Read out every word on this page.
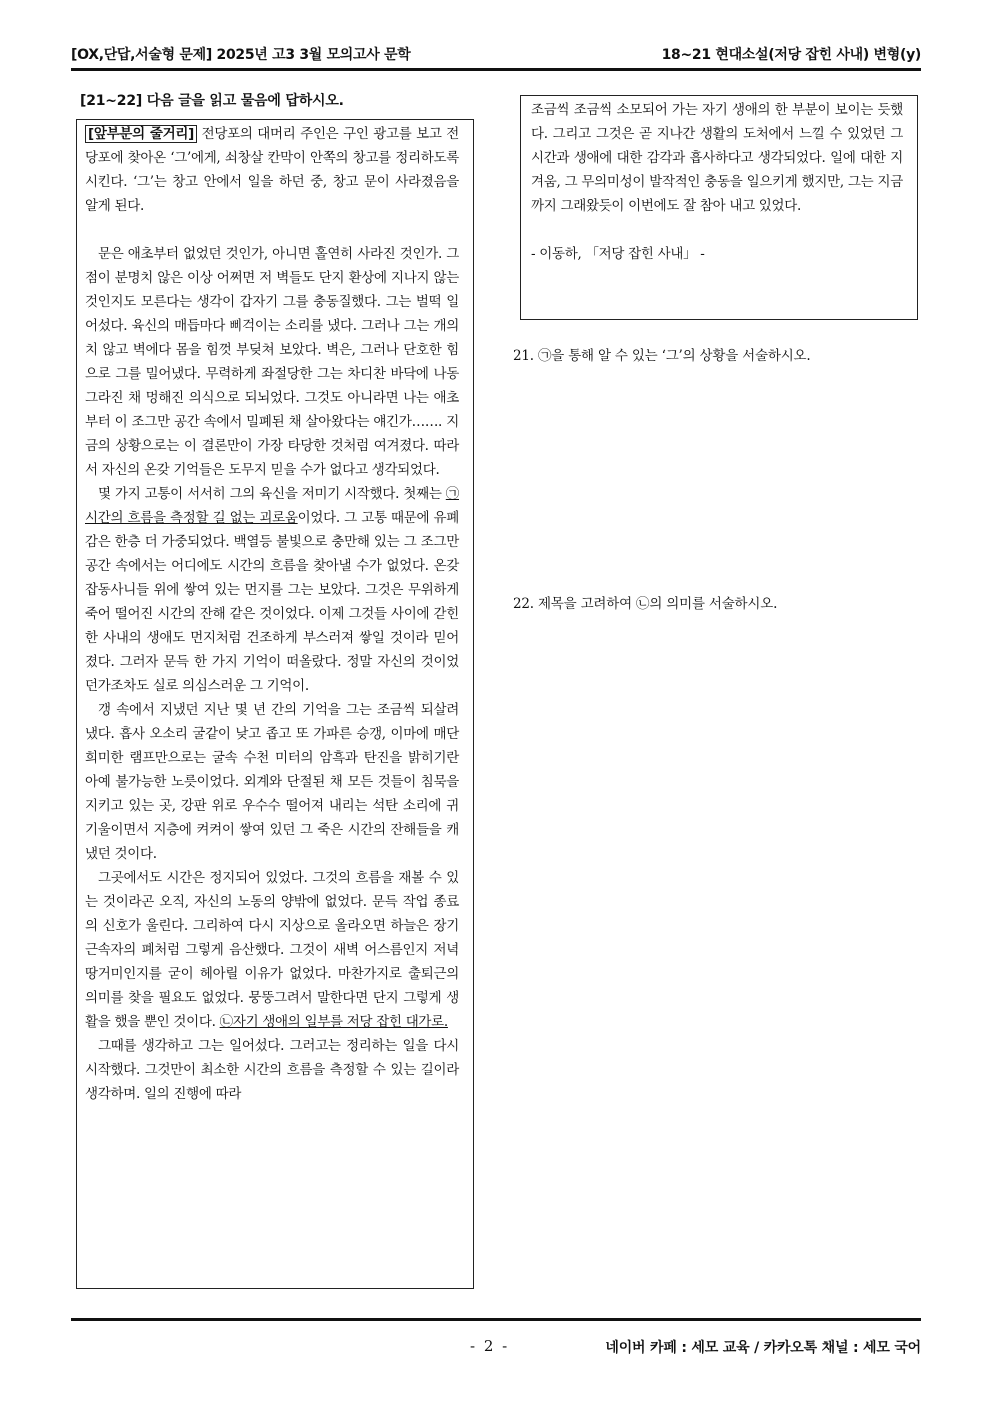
[OX,단답,서술형 문제] 2025년 고3 3월 모의고사 문학	18~21 현대소설(저당 잡힌 사내) 변형(y)
[21~22] 다음 글을 읽고 물음에 답하시오.

[앞부분의 줄거리] 전당포의 대머리 주인은 구인 광고를 보고 전당포에 찾아온 ‘그’에게, 쇠창살 칸막이 안쪽의 창고를 정리하도록 시킨다. ‘그’는 창고 안에서 일을 하던 중, 창고 문이 사라졌음을 알게 된다.

문은 애초부터 없었던 것인가, 아니면 홀연히 사라진 것인가. 그 점이 분명치 않은 이상 어쩌면 저 벽들도 단지 환상에 지나지 않는 것인지도 모른다는 생각이 갑자기 그를 충동질했다. 그는 벌떡 일어섰다. 육신의 매듭마다 삐걱이는 소리를 냈다. 그러나 그는 개의치 않고 벽에다 몸을 힘껏 부딪쳐 보았다. 벽은, 그러나 단호한 힘으로 그를 밀어냈다. 무력하게 좌절당한 그는 차디찬 바닥에 나동그라진 채 멍해진 의식으로 되뇌었다. 그것도 아니라면 나는 애초부터 이 조그만 공간 속에서 밀폐된 채 살아왔다는 얘긴가……. 지금의 상황으로는 이 결론만이 가장 타당한 것처럼 여겨졌다. 따라서 자신의 온갖 기억들은 도무지 믿을 수가 없다고 생각되었다.

몇 가지 고통이 서서히 그의 육신을 저미기 시작했다. 첫째는 ㉠시간의 흐름을 측정할 길 없는 괴로움이었다. 그 고통 때문에 유폐감은 한층 더 가중되었다. 백열등 불빛으로 충만해 있는 그 조그만 공간 속에서는 어디에도 시간의 흐름을 찾아낼 수가 없었다. 온갖 잡동사니들 위에 쌓여 있는 먼지를 그는 보았다. 그것은 무위하게 죽어 떨어진 시간의 잔해 같은 것이었다. 이제 그것들 사이에 갇힌 한 사내의 생애도 먼지처럼 건조하게 부스러져 쌓일 것이라 믿어졌다. 그러자 문득 한 가지 기억이 떠올랐다. 정말 자신의 것이었던가조차도 실로 의심스러운 그 기억이.

갱 속에서 지냈던 지난 몇 년 간의 기억을 그는 조금씩 되살려 냈다. 흡사 오소리 굴같이 낮고 좁고 또 가파른 승갱, 이마에 매단 희미한 램프만으로는 굴속 수천 미터의 암흑과 탄진을 밝히기란 아예 불가능한 노릇이었다. 외계와 단절된 채 모든 것들이 침묵을 지키고 있는 곳, 강판 위로 우수수 떨어져 내리는 석탄 소리에 귀 기울이면서 지층에 켜켜이 쌓여 있던 그 죽은 시간의 잔해들을 캐냈던 것이다.

그곳에서도 시간은 정지되어 있었다. 그것의 흐름을 재볼 수 있는 것이라곤 오직, 자신의 노동의 양밖에 없었다. 문득 작업 종료의 신호가 울린다. 그리하여 다시 지상으로 올라오면 하늘은 장기 근속자의 폐처럼 그렇게 음산했다. 그것이 새벽 어스름인지 저녁 땅거미인지를 굳이 헤아릴 이유가 없었다. 마찬가지로 출퇴근의 의미를 찾을 필요도 없었다. 뭉뚱그려서 말한다면 단지 그렇게 생활을 했을 뿐인 것이다. ㉡자기 생애의 일부를 저당 잡힌 대가로.

그때를 생각하고 그는 일어섰다. 그러고는 정리하는 일을 다시 시작했다. 그것만이 최소한 시간의 흐름을 측정할 수 있는 길이라 생각하며. 일의 진행에 따라

조금씩 조금씩 소모되어 가는 자기 생애의 한 부분이 보이는 듯했다. 그리고 그것은 곧 지나간 생활의 도처에서 느낄 수 있었던 그 시간과 생애에 대한 감각과 흡사하다고 생각되었다. 일에 대한 지겨움, 그 무의미성이 발작적인 충동을 일으키게 했지만, 그는 지금까지 그래왔듯이 이번에도 잘 참아 내고 있었다.

- 이동하, 「저당 잡힌 사내」 -

21. ㉠을 통해 알 수 있는 ‘그’의 상황을 서술하시오.
22. 제목을 고려하여 ㉡의 의미를 서술하시오.
- 2 -	네이버 카페 : 세모 교육 / 카카오톡 채널 : 세모 국어
